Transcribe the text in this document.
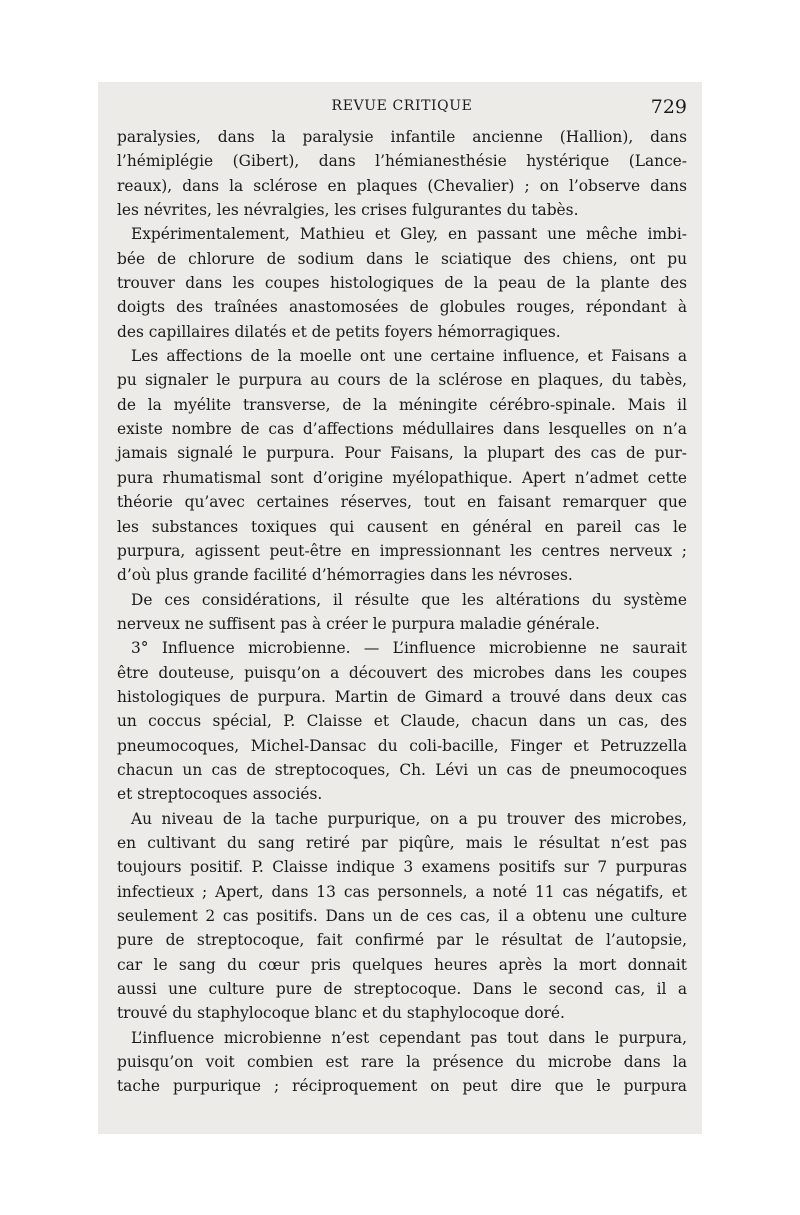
REVUE CRITIQUE	729
paralysies, dans la paralysie infantile ancienne (Hallion), dans
l’hémiplégie (Gibert), dans l’hémianesthésie hystérique (Lance-
reaux), dans la sclérose en plaques (Chevalier) ; on l’observe dans
les névrites, les névralgies, les crises fulgurantes du tabès.
Expérimentalement, Mathieu et Gley, en passant une mêche imbi-
bée de chlorure de sodium dans le sciatique des chiens, ont pu
trouver dans les coupes histologiques de la peau de la plante des
doigts des traînées anastomosées de globules rouges, répondant à
des capillaires dilatés et de petits foyers hémorragiques.
Les affections de la moelle ont une certaine influence, et Faisans a
pu signaler le purpura au cours de la sclérose en plaques, du tabès,
de la myélite transverse, de la méningite cérébro-spinale. Mais il
existe nombre de cas d’affections médullaires dans lesquelles on n’a
jamais signalé le purpura. Pour Faisans, la plupart des cas de pur-
pura rhumatismal sont d’origine myélopathique. Apert n’admet cette
théorie qu’avec certaines réserves, tout en faisant remarquer que
les substances toxiques qui causent en général en pareil cas le
purpura, agissent peut-être en impressionnant les centres nerveux ;
d’où plus grande facilité d’hémorragies dans les névroses.
De ces considérations, il résulte que les altérations du système
nerveux ne suffisent pas à créer le purpura maladie générale.
3° Influence microbienne. — L’influence microbienne ne saurait
être douteuse, puisqu’on a découvert des microbes dans les coupes
histologiques de purpura. Martin de Gimard a trouvé dans deux cas
un coccus spécial, P. Claisse et Claude, chacun dans un cas, des
pneumocoques, Michel-Dansac du coli-bacille, Finger et Petruzzella
chacun un cas de streptocoques, Ch. Lévi un cas de pneumocoques
et streptocoques associés.
Au niveau de la tache purpurique, on a pu trouver des microbes,
en cultivant du sang retiré par piqûre, mais le résultat n’est pas
toujours positif. P. Claisse indique 3 examens positifs sur 7 purpuras
infectieux ; Apert, dans 13 cas personnels, a noté 11 cas négatifs, et
seulement 2 cas positifs. Dans un de ces cas, il a obtenu une culture
pure de streptocoque, fait confirmé par le résultat de l’autopsie,
car le sang du cœur pris quelques heures après la mort donnait
aussi une culture pure de streptocoque. Dans le second cas, il a
trouvé du staphylocoque blanc et du staphylocoque doré.
L’influence microbienne n’est cependant pas tout dans le purpura,
puisqu’on voit combien est rare la présence du microbe dans la
tache purpurique ; réciproquement on peut dire que le purpura
